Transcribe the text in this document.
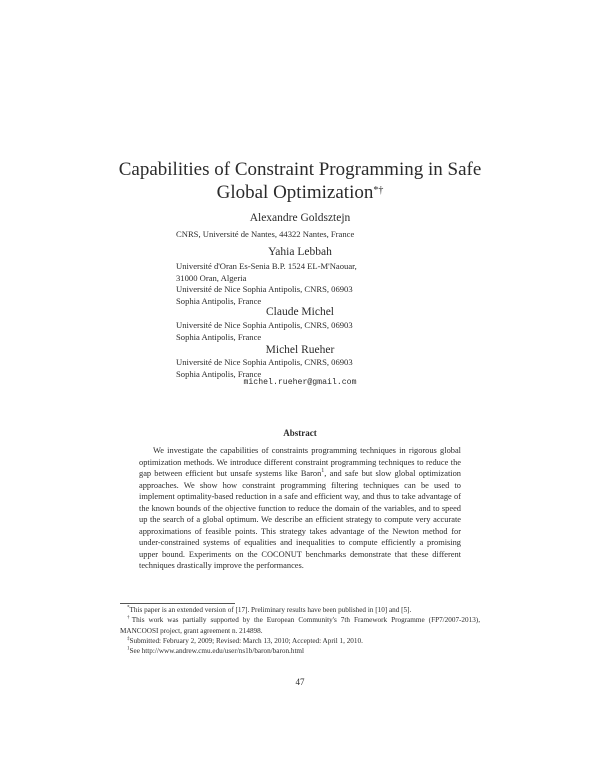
Capabilities of Constraint Programming in Safe
Global Optimization*†
Alexandre Goldsztejn
CNRS, Université de Nantes, 44322 Nantes, France
Yahia Lebbah
Université d'Oran Es-Senia B.P. 1524 EL-M'Naouar,
31000 Oran, Algeria
Université de Nice Sophia Antipolis, CNRS, 06903
Sophia Antipolis, France
Claude Michel
Université de Nice Sophia Antipolis, CNRS, 06903
Sophia Antipolis, France
Michel Rueher
Université de Nice Sophia Antipolis, CNRS, 06903
Sophia Antipolis, France
michel.rueher@gmail.com
Abstract
We investigate the capabilities of constraints programming techniques in rigorous global optimization methods. We introduce different constraint programming techniques to reduce the gap between efficient but unsafe systems like Baron$^1$, and safe but slow global optimization approaches. We show how constraint programming filtering techniques can be used to implement optimality-based reduction in a safe and efficient way, and thus to take advantage of the known bounds of the objective function to reduce the domain of the variables, and to speed up the search of a global optimum. We describe an efficient strategy to compute very accurate approximations of feasible points. This strategy takes advantage of the Newton method for under-constrained systems of equalities and inequalities to compute efficiently a promising upper bound. Experiments on the COCONUT benchmarks demonstrate that these different techniques drastically improve the performances.

*This paper is an extended version of [17]. Preliminary results have been published in [10] and [5].

†This work was partially supported by the European Community's 7th Framework Programme (FP7/2007-2013), MANCOOSI project, grant agreement n. 214898.

‡Submitted: February 2, 2009; Revised: March 13, 2010; Accepted: April 1, 2010.

$^1$See http://www.andrew.cmu.edu/user/ns1b/baron/baron.html

47
